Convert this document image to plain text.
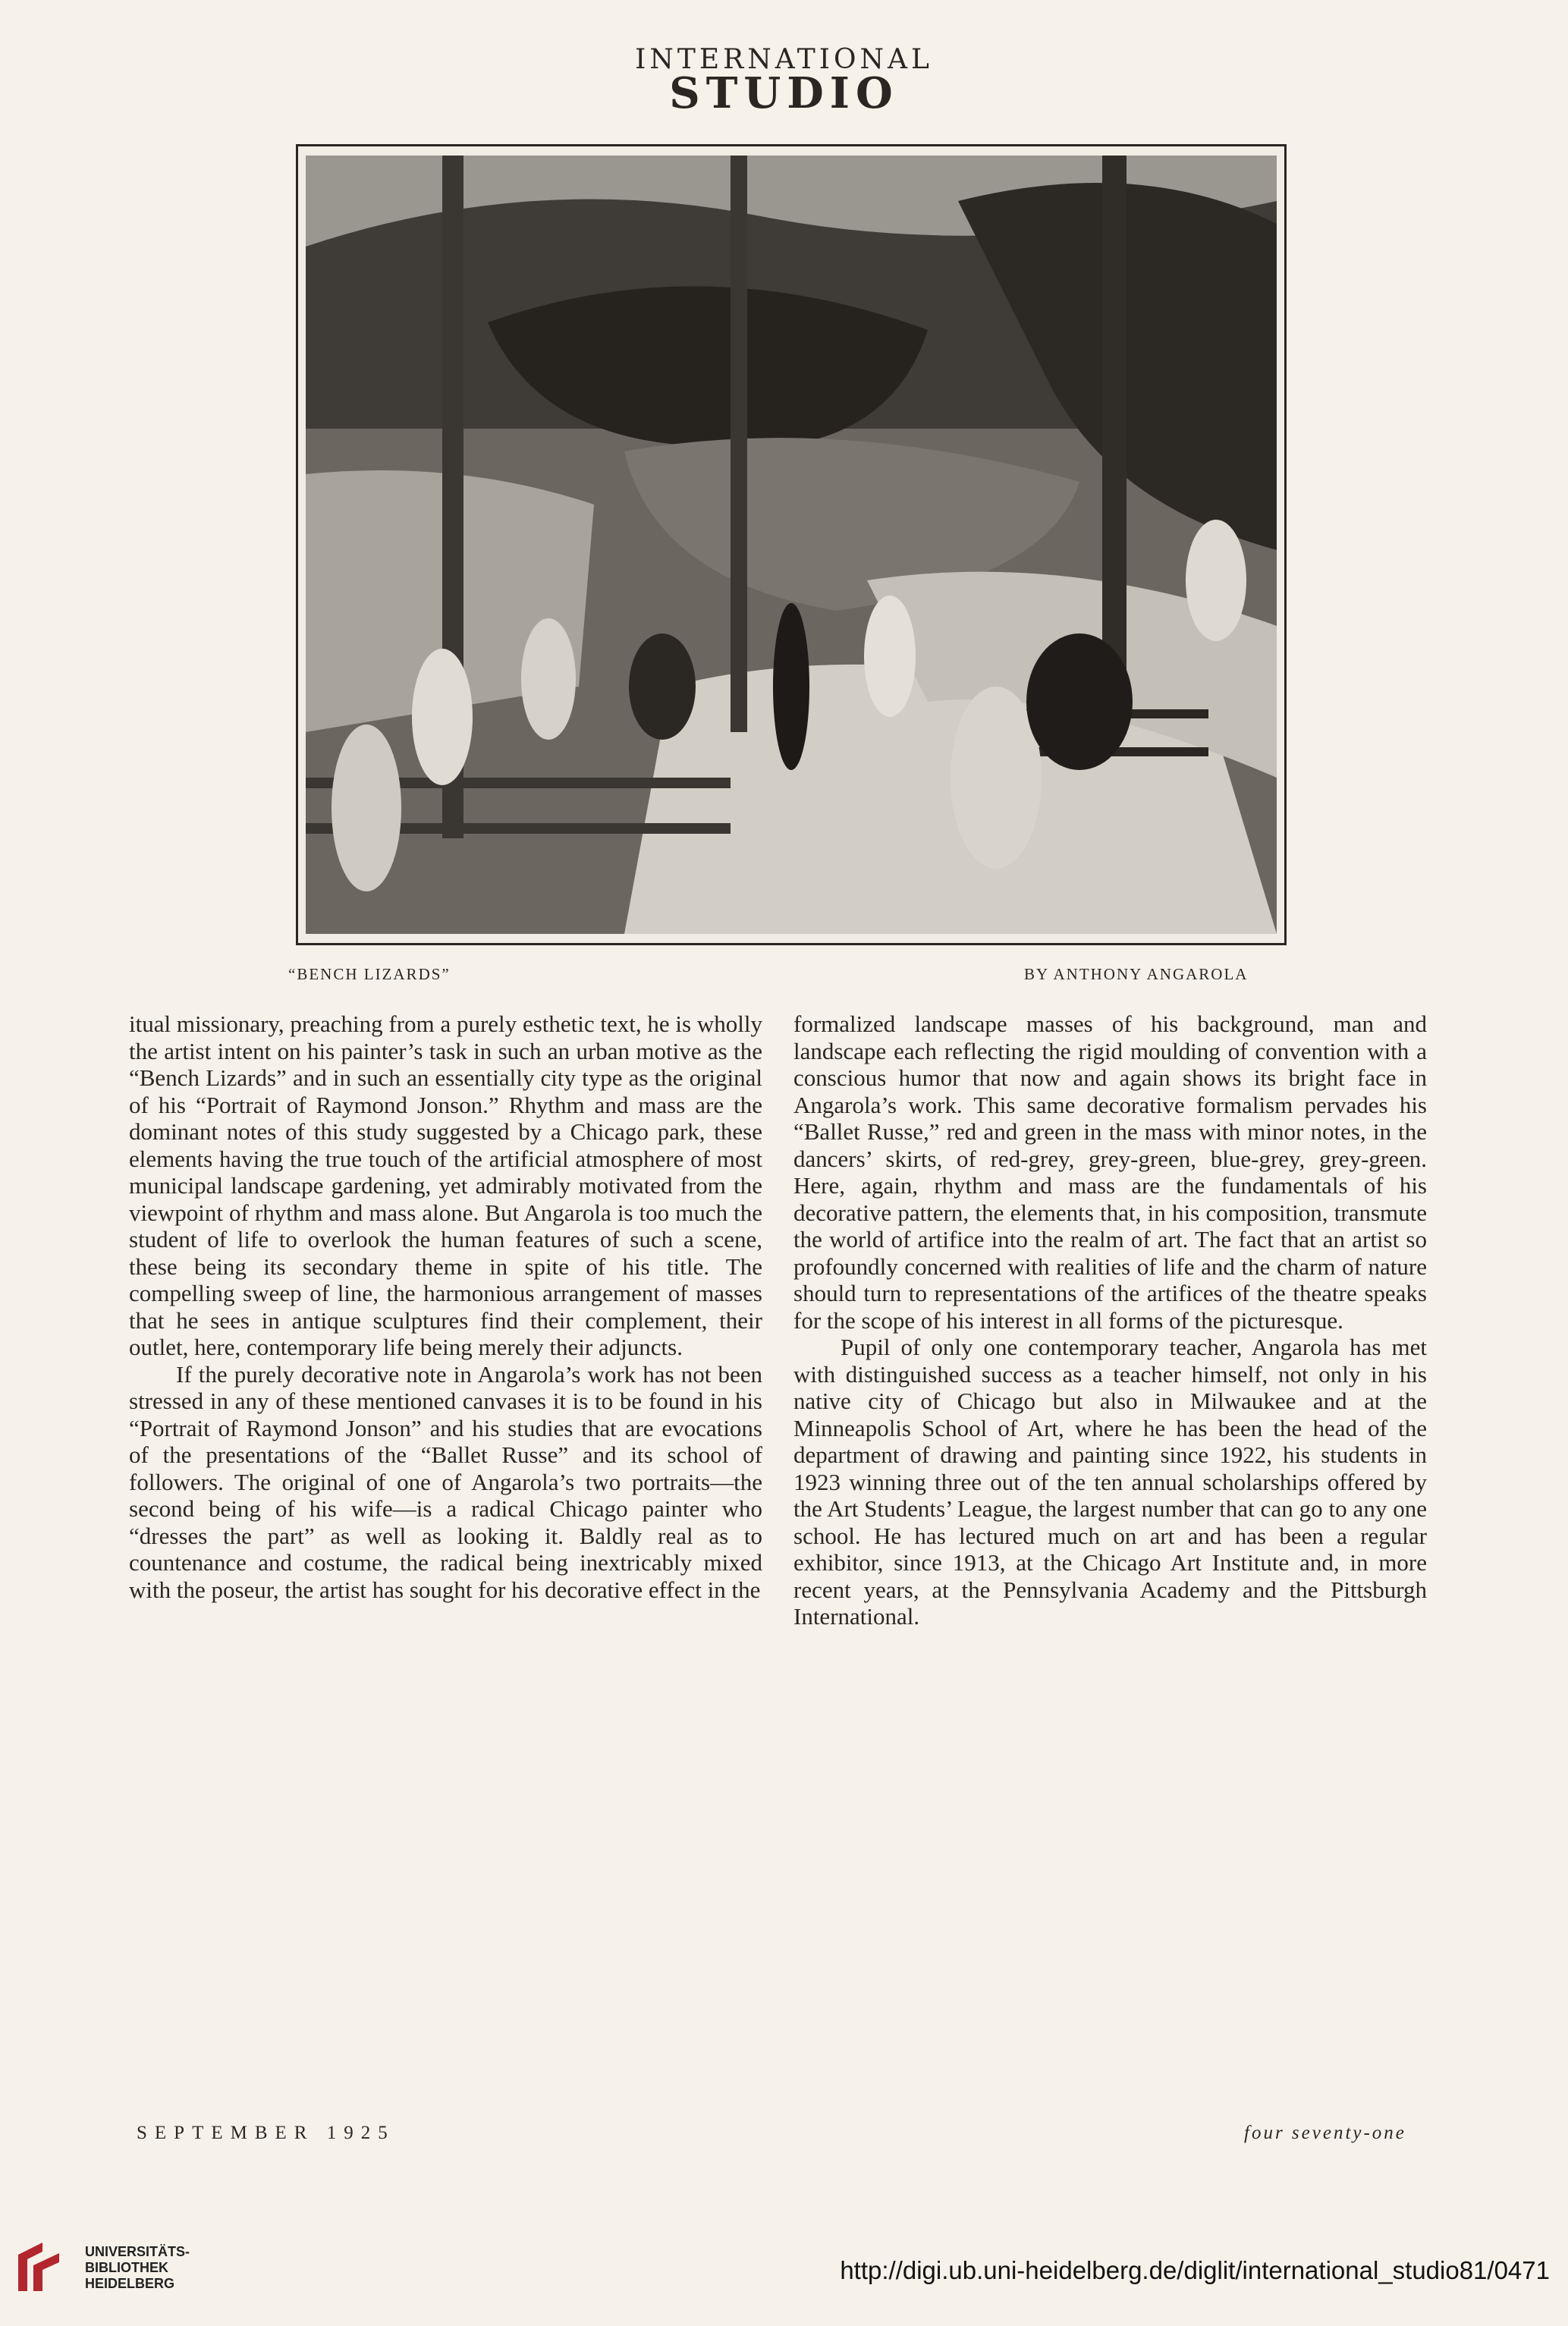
INTERNATIONAL
STUDIO
“BENCH LIZARDS”	BY ANTHONY ANGAROLA

itual missionary, preaching from a purely esthetic text, he is wholly the artist intent on his painter’s task in such an urban motive as the “Bench Lizards” and in such an essentially city type as the original of his “Portrait of Raymond Jonson.” Rhythm and mass are the dominant notes of this study suggested by a Chicago park, these elements having the true touch of the artificial atmosphere of most municipal landscape gardening, yet admirably motivated from the viewpoint of rhythm and mass alone. But Angarola is too much the student of life to overlook the human features of such a scene, these being its secondary theme in spite of his title. The compelling sweep of line, the harmonious arrangement of masses that he sees in antique sculptures find their complement, their outlet, here, contemporary life being merely their adjuncts.

If the purely decorative note in Angarola’s work has not been stressed in any of these mentioned canvases it is to be found in his “Portrait of Raymond Jonson” and his studies that are evocations of the presentations of the “Ballet Russe” and its school of followers. The original of one of Angarola’s two portraits—the second being of his wife—is a radical Chicago painter who “dresses the part” as well as looking it. Baldly real as to countenance and costume, the radical being inextricably mixed with the poseur, the artist has sought for his decorative effect in the

formalized landscape masses of his background, man and landscape each reflecting the rigid moulding of convention with a conscious humor that now and again shows its bright face in Angarola’s work. This same decorative formalism pervades his “Ballet Russe,” red and green in the mass with minor notes, in the dancers’ skirts, of red-grey, grey-green, blue-grey, grey-green. Here, again, rhythm and mass are the fundamentals of his decorative pattern, the elements that, in his composition, transmute the world of artifice into the realm of art. The fact that an artist so profoundly concerned with realities of life and the charm of nature should turn to representations of the artifices of the theatre speaks for the scope of his interest in all forms of the picturesque.

Pupil of only one contemporary teacher, Angarola has met with distinguished success as a teacher himself, not only in his native city of Chicago but also in Milwaukee and at the Minneapolis School of Art, where he has been the head of the department of drawing and painting since 1922, his students in 1923 winning three out of the ten annual scholarships offered by the Art Students’ League, the largest number that can go to any one school. He has lectured much on art and has been a regular exhibitor, since 1913, at the Chicago Art Institute and, in more recent years, at the Pennsylvania Academy and the Pittsburgh International.

SEPTEMBER 1925	four seventy-one
UNIVERSITÄTS-
BIBLIOTHEK
HEIDELBERG	http://digi.ub.uni-heidelberg.de/diglit/international_studio81/0471
